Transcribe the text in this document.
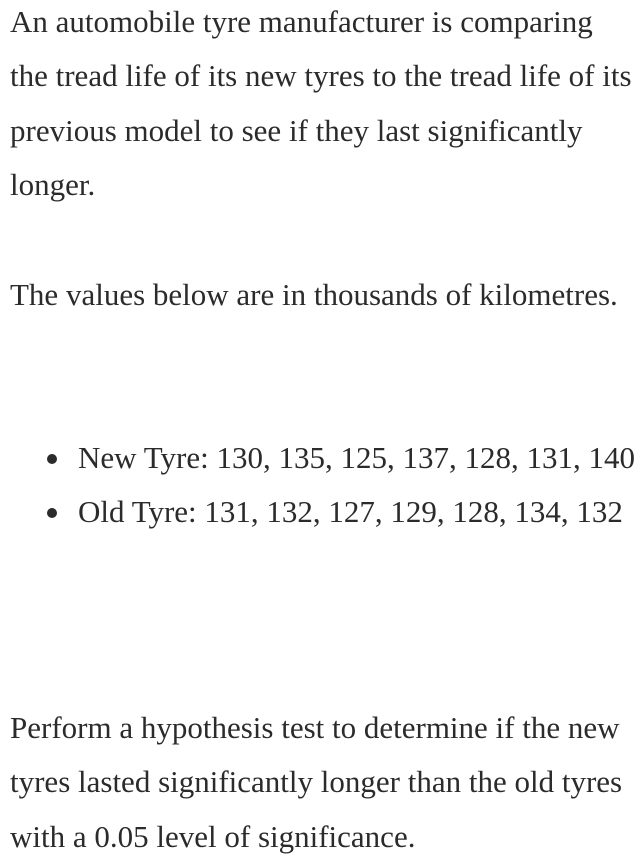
An automobile tyre manufacturer is comparing the tread life of its new tyres to the tread life of its previous model to see if they last significantly longer.

The values below are in thousands of kilometres.

New Tyre: 130, 135, 125, 137, 128, 131, 140
Old Tyre: 131, 132, 127, 129, 128, 134, 132

Perform a hypothesis test to determine if the new tyres lasted significantly longer than the old tyres with a 0.05 level of significance.
